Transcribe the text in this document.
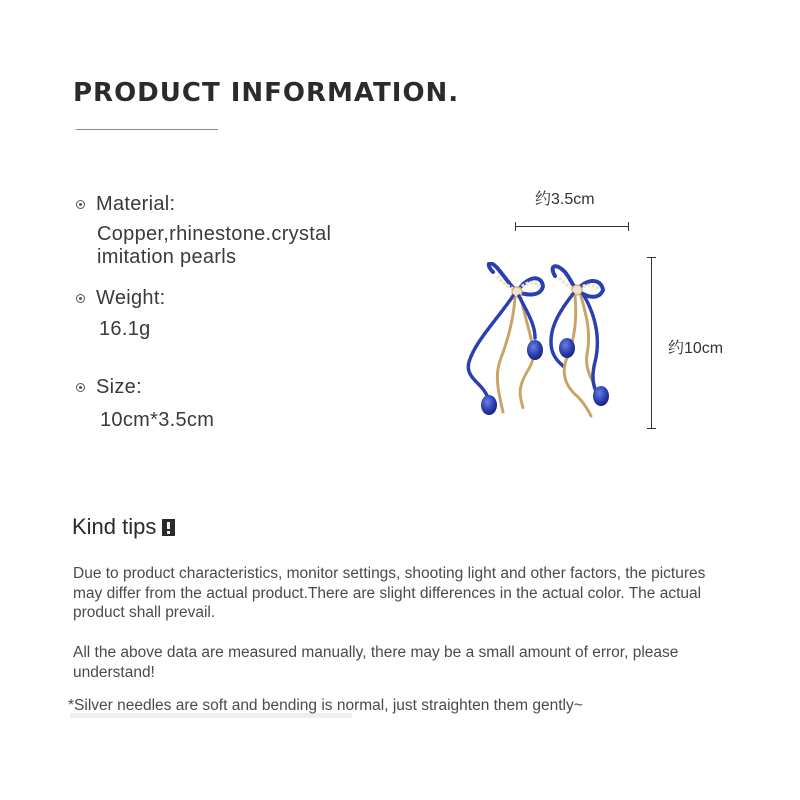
PRODUCT INFORMATION.
Material:
Copper,rhinestone.crystal
imitation pearls
Weight:
16.1g
Size:
10cm*3.5cm
约3.5cm
约10cm
Kind tips
Due to product characteristics, monitor settings, shooting light and other factors, the pictures may differ from the actual product.There are slight differences in the actual color. The actual product shall prevail.
All the above data are measured manually, there may be a small amount of error, please understand!
*Silver needles are soft and bending is normal, just straighten them gently~
